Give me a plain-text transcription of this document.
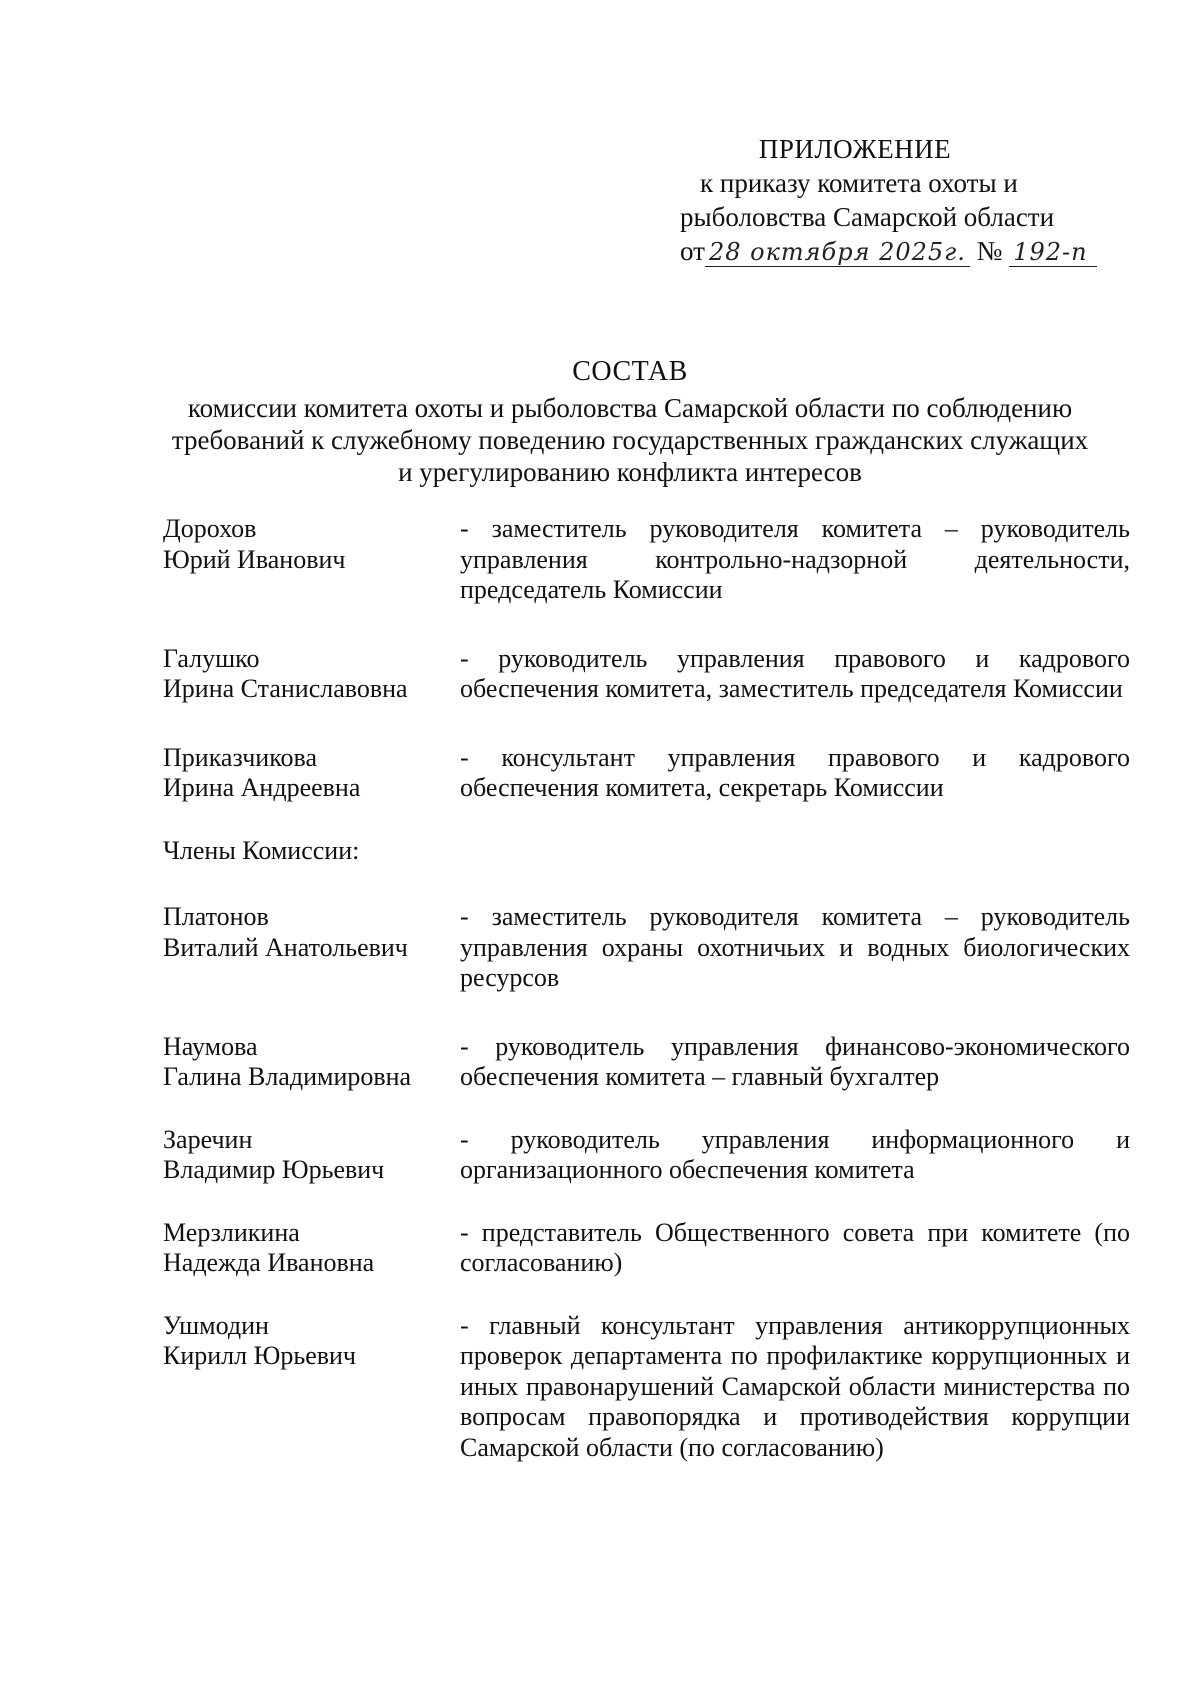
ПРИЛОЖЕНИЕ
к приказу комитета охоты и
рыболовства Самарской области
от 28 октября 2025г. № 192-п
СОСТАВ
комиссии комитета охоты и рыболовства Самарской области по соблюдению
требований к служебному поведению государственных гражданских служащих
и урегулированию конфликта интересов
Дорохов
Юрий Иванович
- заместитель руководителя комитета – руководитель управления контрольно-надзорной деятельности, председатель Комиссии
Галушко
Ирина Станиславовна
- руководитель управления правового и кадрового обеспечения комитета, заместитель председателя Комиссии
Приказчикова
Ирина Андреевна
- консультант управления правового и кадрового обеспечения комитета, секретарь Комиссии
Члены Комиссии:
Платонов
Виталий Анатольевич
- заместитель руководителя комитета – руководитель управления охраны охотничьих и водных биологических ресурсов
Наумова
Галина Владимировна
- руководитель управления финансово-экономического обеспечения комитета – главный бухгалтер
Заречин
Владимир Юрьевич
- руководитель управления информационного и организационного обеспечения комитета
Мерзликина
Надежда Ивановна
- представитель Общественного совета при комитете (по согласованию)
Ушмодин
Кирилл Юрьевич
- главный консультант управления антикоррупционных проверок департамента по профилактике коррупционных и иных правонарушений Самарской области министерства по вопросам правопорядка и противодействия коррупции Самарской области (по согласованию)
